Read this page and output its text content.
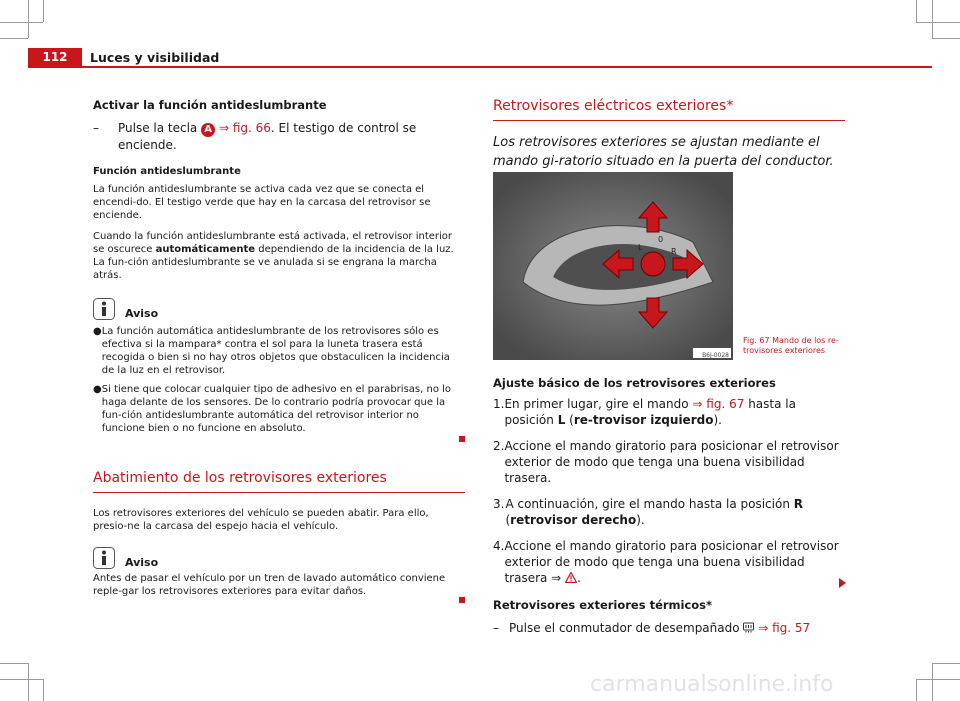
112	Luces y visibilidad
Activar la función antideslumbrante
–	Pulse la tecla A ⇒ fig. 66. El testigo de control se enciende.
Función antideslumbrante
La función antideslumbrante se activa cada vez que se conecta el encendi-do. El testigo verde que hay en la carcasa del retrovisor se enciende.
Cuando la función antideslumbrante está activada, el retrovisor interior se oscurece automáticamente dependiendo de la incidencia de la luz. La fun-ción antideslumbrante se ve anulada si se engrana la marcha atrás.
Aviso
● La función automática antideslumbrante de los retrovisores sólo es efectiva si la mampara* contra el sol para la luneta trasera está recogida o bien si no hay otros objetos que obstaculicen la incidencia de la luz en el retrovisor.
● Si tiene que colocar cualquier tipo de adhesivo en el parabrisas, no lo haga delante de los sensores. De lo contrario podría provocar que la fun-ción antideslumbrante automática del retrovisor interior no funcione bien o no funcione en absoluto.
Abatimiento de los retrovisores exteriores
Los retrovisores exteriores del vehículo se pueden abatir. Para ello, presio-ne la carcasa del espejo hacia el vehículo.
Aviso
Antes de pasar el vehículo por un tren de lavado automático conviene reple-gar los retrovisores exteriores para evitar daños.
Retrovisores eléctricos exteriores*
Los retrovisores exteriores se ajustan mediante el mando gi-ratorio situado en la puerta del conductor.
L
0
R
B6J-0028
Fig. 67 Mando de los re-trovisores exteriores
Ajuste básico de los retrovisores exteriores
1. En primer lugar, gire el mando ⇒ fig. 67 hasta la posición L (re-trovisor izquierdo).
2. Accione el mando giratorio para posicionar el retrovisor exterior de modo que tenga una buena visibilidad trasera.
3. A continuación, gire el mando hasta la posición R (retrovisor derecho).
4. Accione el mando giratorio para posicionar el retrovisor exterior de modo que tenga una buena visibilidad trasera ⇒ .
Retrovisores exteriores térmicos*
– Pulse el conmutador de desempañado ⇒ fig. 57
carmanualsonline.info
